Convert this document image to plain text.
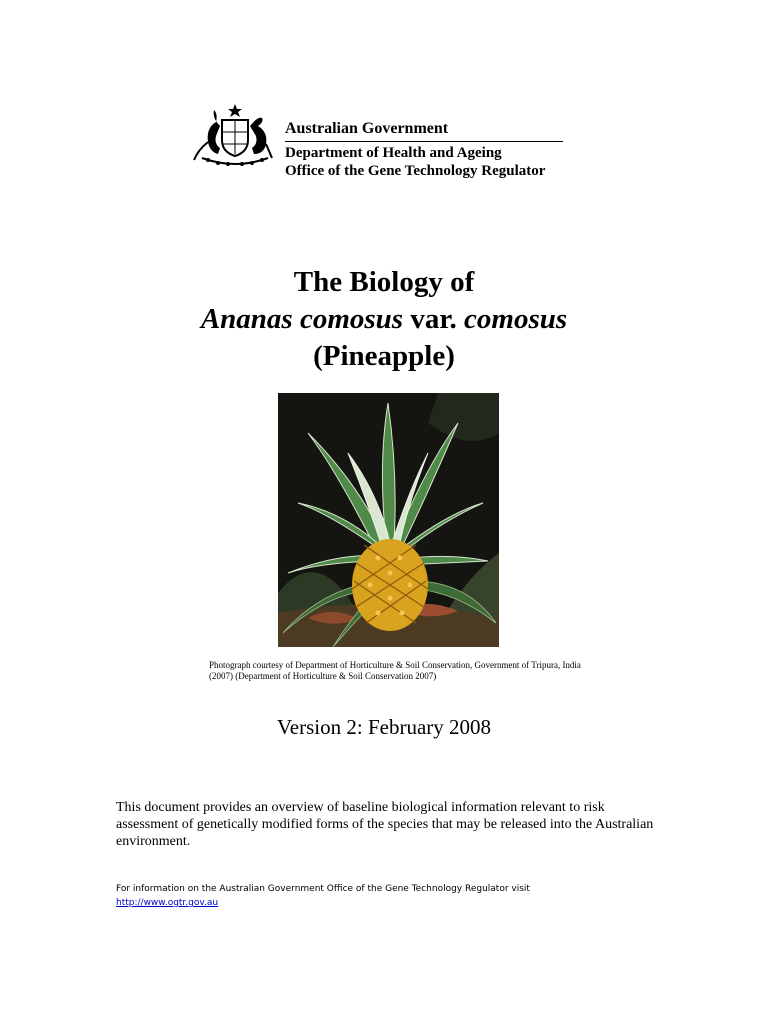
Australian Government
Department of Health and Ageing
Office of the Gene Technology Regulator
The Biology of
Ananas comosus var. comosus
(Pineapple)
Photograph courtesy of Department of Horticulture & Soil Conservation, Government of Tripura, India
(2007) (Department of Horticulture & Soil Conservation 2007)
Version 2: February 2008
This document provides an overview of baseline biological information relevant to risk assessment of genetically modified forms of the species that may be released into the Australian environment.
For information on the Australian Government Office of the Gene Technology Regulator visit
http://www.ogtr.gov.au
